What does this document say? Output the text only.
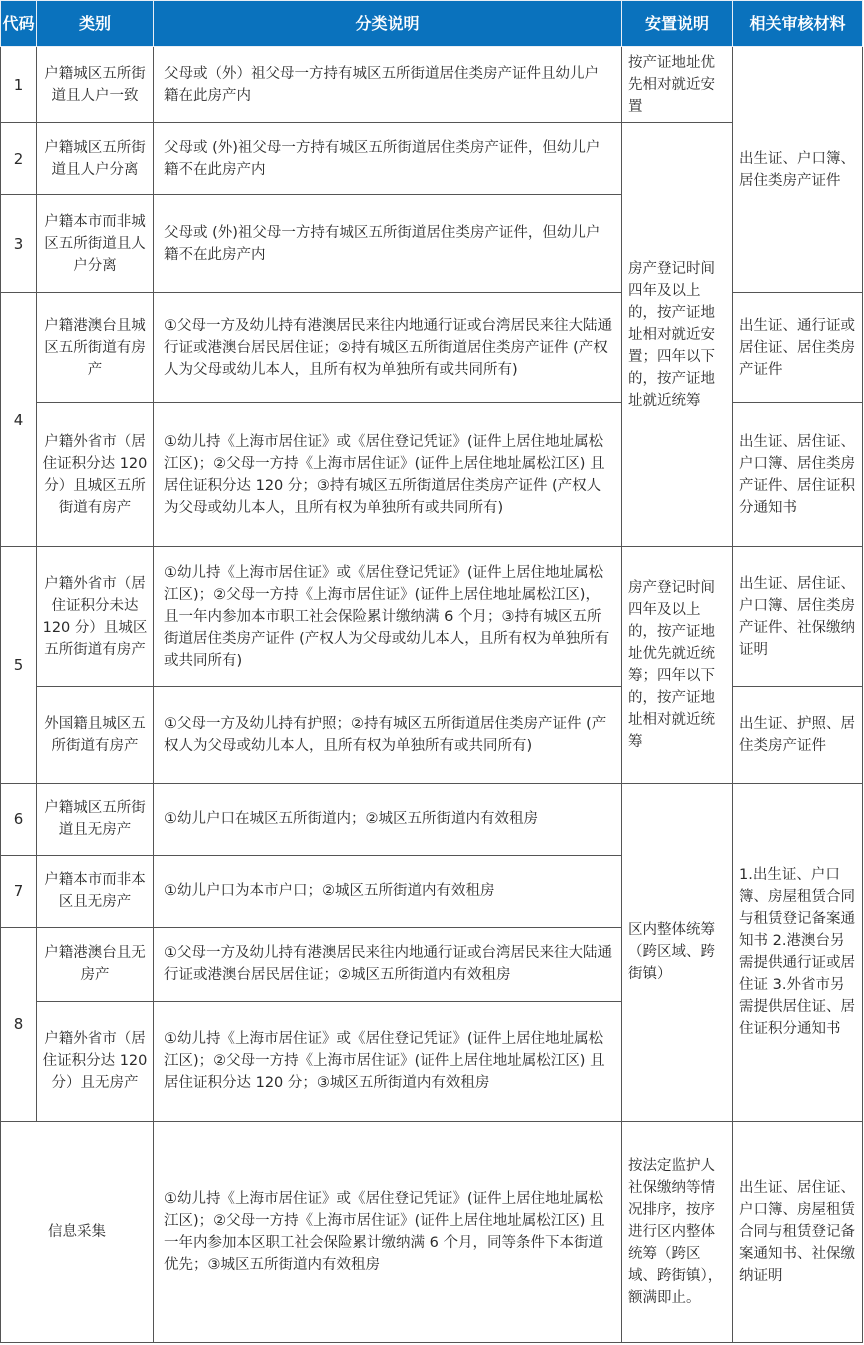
代码	类别	分类说明	安置说明	相关审核材料
1	户籍城区五所街道且人户一致	父母或（外）祖父母一方持有城区五所街道居住类房产证件且幼儿户籍在此房产内	按产证地址优先相对就近安置	出生证、户口簿、居住类房产证件
2	户籍城区五所街道且人户分离	父母或 (外)祖父母一方持有城区五所街道居住类房产证件，但幼儿户籍不在此房产内	房产登记时间四年及以上的，按产证地址相对就近安置；四年以下的，按产证地址就近统筹	
3	户籍本市而非城区五所街道且人户分离	父母或 (外)祖父母一方持有城区五所街道居住类房产证件，但幼儿户籍不在此房产内		
4	户籍港澳台且城区五所街道有房产	①父母一方及幼儿持有港澳居民来往内地通行证或台湾居民来往大陆通行证或港澳台居民居住证；②持有城区五所街道居住类房产证件 (产权人为父母或幼儿本人，且所有权为单独所有或共同所有)		出生证、通行证或居住证、居住类房产证件
	户籍外省市（居住证积分达 120 分）且城区五所街道有房产	①幼儿持《上海市居住证》或《居住登记凭证》(证件上居住地址属松江区)；②父母一方持《上海市居住证》(证件上居住地址属松江区) 且居住证积分达 120 分；③持有城区五所街道居住类房产证件 (产权人为父母或幼儿本人，且所有权为单独所有或共同所有)		出生证、居住证、户口簿、居住类房产证件、居住证积分通知书
5	户籍外省市（居住证积分未达 120 分）且城区五所街道有房产	①幼儿持《上海市居住证》或《居住登记凭证》(证件上居住地址属松江区)；②父母一方持《上海市居住证》(证件上居住地址属松江区)，且一年内参加本市职工社会保险累计缴纳满 6 个月；③持有城区五所街道居住类房产证件 (产权人为父母或幼儿本人，且所有权为单独所有或共同所有)	房产登记时间四年及以上的，按产证地址优先就近统筹；四年以下的，按产证地址相对就近统筹	出生证、居住证、户口簿、居住类房产证件、社保缴纳证明
	外国籍且城区五所街道有房产	①父母一方及幼儿持有护照；②持有城区五所街道居住类房产证件 (产权人为父母或幼儿本人，且所有权为单独所有或共同所有)		出生证、护照、居住类房产证件
6	户籍城区五所街道且无房产	①幼儿户口在城区五所街道内；②城区五所街道内有效租房	区内整体统筹（跨区域、跨街镇）	1.出生证、户口簿、房屋租赁合同与租赁登记备案通知书 2.港澳台另需提供通行证或居住证 3.外省市另需提供居住证、居住证积分通知书
7	户籍本市而非本区且无房产	①幼儿户口为本市户口；②城区五所街道内有效租房		
8	户籍港澳台且无房产	①父母一方及幼儿持有港澳居民来往内地通行证或台湾居民来往大陆通行证或港澳台居民居住证；②城区五所街道内有效租房		
	户籍外省市（居住证积分达 120 分）且无房产	①幼儿持《上海市居住证》或《居住登记凭证》(证件上居住地址属松江区)；②父母一方持《上海市居住证》(证件上居住地址属松江区) 且居住证积分达 120 分；③城区五所街道内有效租房		
信息采集		①幼儿持《上海市居住证》或《居住登记凭证》(证件上居住地址属松江区)；②父母一方持《上海市居住证》(证件上居住地址属松江区) 且一年内参加本区职工社会保险累计缴纳满 6 个月，同等条件下本街道优先；③城区五所街道内有效租房	按法定监护人社保缴纳等情况排序，按序进行区内整体统筹（跨区域、跨街镇），额满即止。	出生证、居住证、户口簿、房屋租赁合同与租赁登记备案通知书、社保缴纳证明
